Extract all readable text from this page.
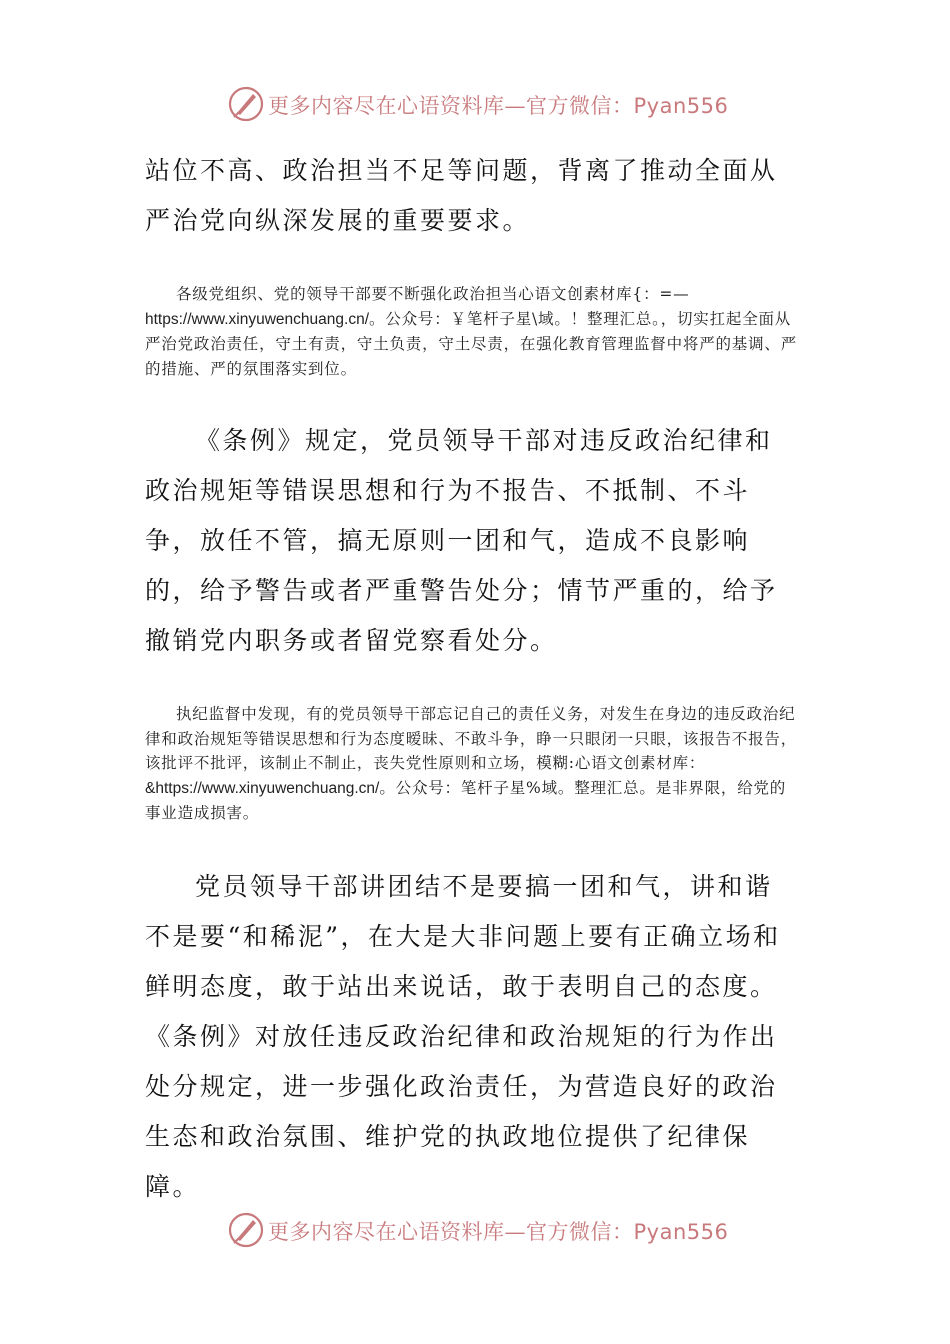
更多内容尽在心语资料库—官方微信：Pyan556

站位不高、政治担当不足等问题，背离了推动全面从严治党向纵深发展的重要要求。

各级党组织、党的领导干部要不断强化政治担当心语文创素材库{：=—https://www.xinyuwenchuang.cn/。公众号：￥笔杆子星\域。！整理汇总。，切实扛起全面从严治党政治责任，守土有责，守土负责，守土尽责，在强化教育管理监督中将严的基调、严的措施、严的氛围落实到位。

《条例》规定，党员领导干部对违反政治纪律和政治规矩等错误思想和行为不报告、不抵制、不斗争，放任不管，搞无原则一团和气，造成不良影响的，给予警告或者严重警告处分；情节严重的，给予撤销党内职务或者留党察看处分。

执纪监督中发现，有的党员领导干部忘记自己的责任义务，对发生在身边的违反政治纪律和政治规矩等错误思想和行为态度暧昧、不敢斗争，睁一只眼闭一只眼，该报告不报告，该批评不批评，该制止不制止，丧失党性原则和立场，模糊:心语文创素材库：&https://www.xinyuwenchuang.cn/。公众号：笔杆子星%域。整理汇总。是非界限，给党的事业造成损害。

党员领导干部讲团结不是要搞一团和气，讲和谐不是要“和稀泥”，在大是大非问题上要有正确立场和鲜明态度，敢于站出来说话，敢于表明自己的态度。《条例》对放任违反政治纪律和政治规矩的行为作出处分规定，进一步强化政治责任，为营造良好的政治生态和政治氛围、维护党的执政地位提供了纪律保障。

更多内容尽在心语资料库—官方微信：Pyan556
